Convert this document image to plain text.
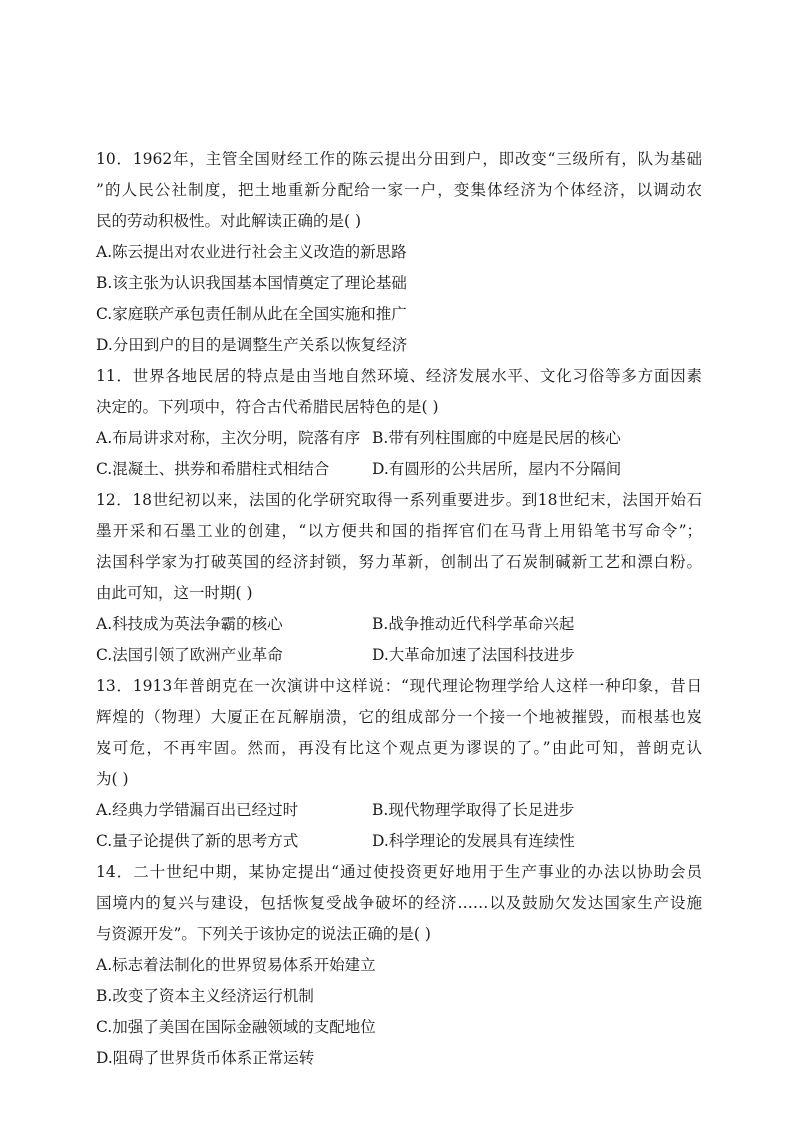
10．1962年，主管全国财经工作的陈云提出分田到户，即改变“三级所有，队为基础
”的人民公社制度，把土地重新分配给一家一户，变集体经济为个体经济，以调动农
民的劳动积极性。对此解读正确的是( )
A.陈云提出对农业进行社会主义改造的新思路
B.该主张为认识我国基本国情奠定了理论基础
C.家庭联产承包责任制从此在全国实施和推广
D.分田到户的目的是调整生产关系以恢复经济
11．世界各地民居的特点是由当地自然环境、经济发展水平、文化习俗等多方面因素
决定的。下列项中，符合古代希腊民居特色的是( )
A.布局讲求对称，主次分明，院落有序 B.带有列柱围廊的中庭是民居的核心
C.混凝土、拱券和希腊柱式相结合	D.有圆形的公共居所，屋内不分隔间
12．18世纪初以来，法国的化学研究取得一系列重要进步。到18世纪末，法国开始石
墨开采和石墨工业的创建，“以方便共和国的指挥官们在马背上用铅笔书写命令”；
法国科学家为打破英国的经济封锁，努力革新，创制出了石炭制碱新工艺和漂白粉。
由此可知，这一时期( )
A.科技成为英法争霸的核心	B.战争推动近代科学革命兴起
C.法国引领了欧洲产业革命	D.大革命加速了法国科技进步
13．1913年普朗克在一次演讲中这样说：“现代理论物理学给人这样一种印象，昔日
辉煌的（物理）大厦正在瓦解崩溃，它的组成部分一个接一个地被摧毁，而根基也岌
岌可危，不再牢固。然而，再没有比这个观点更为谬误的了。”由此可知，普朗克认
为( )
A.经典力学错漏百出已经过时	B.现代物理学取得了长足进步
C.量子论提供了新的思考方式	D.科学理论的发展具有连续性
14．二十世纪中期，某协定提出“通过使投资更好地用于生产事业的办法以协助会员
国境内的复兴与建设，包括恢复受战争破坏的经济……以及鼓励欠发达国家生产设施
与资源开发”。下列关于该协定的说法正确的是( )
A.标志着法制化的世界贸易体系开始建立
B.改变了资本主义经济运行机制
C.加强了美国在国际金融领域的支配地位
D.阻碍了世界货币体系正常运转
